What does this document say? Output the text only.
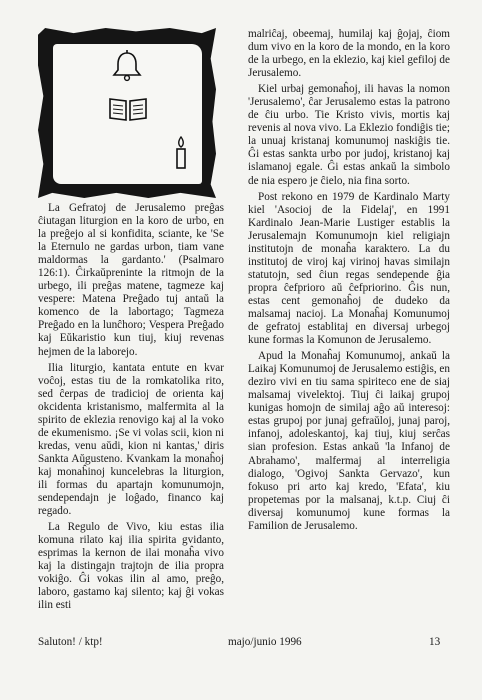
La Gefratoj de Jerusalemo preĝas ĉiutagan liturgion en la koro de urbo, en la preĝejo al si konfidita, sciante, ke 'Se la Eternulo ne gardas urbon, tiam vane maldormas la gardanto.' (Psalmaro 126:1). Ĉirkaŭpreninte la ritmojn de la urbego, ili preĝas matene, tagmeze kaj vespere: Matena Preĝado tuj antaŭ la komenco de la labortago; Tagmeza Preĝado en la lunĉhoro; Vespera Preĝado kaj Eŭkaristio kun tiuj, kiuj revenas hejmen de la laborejo.

Ilia liturgio, kantata entute en kvar voĉoj, estas tiu de la romkatolika rito, sed ĉerpas de tradicioj de orienta kaj okcidenta kristanismo, malfermita al la spirito de eklezia renovigo kaj al la voko de ekumenismo. ¡Se vi volas scii, kion ni kredas, venu aŭdi, kion ni kantas,' diris Sankta Aŭgusteno. Kvankam la monaĥoj kaj monaĥinoj kuncelebras la liturgion, ili formas du apartajn komunumojn, sendependajn je loĝado, financo kaj regado.

La Regulo de Vivo, kiu estas ilia komuna rilato kaj ilia spirita gvidanto, esprimas la kernon de ilai monaĥa vivo kaj la distingajn trajtojn de ilia propra vokiĝo. Ĝi vokas ilin al amo, preĝo, laboro, gastamo kaj silento; kaj ĝi vokas ilin esti

malriĉaj, obeemaj, humilaj kaj ĝojaj, ĉiom dum vivo en la koro de la mondo, en la koro de la urbego, en la eklezio, kaj kiel gefiloj de Jerusalemo.

Kiel urbaj gemonaĥoj, ili havas la nomon 'Jerusalemo', ĉar Jerusalemo estas la patrono de ĉiu urbo. Tie Kristo vivis, mortis kaj revenis al nova vivo. La Eklezio fondiĝis tie; la unuaj kristanaj komunumoj naskiĝis tie. Ĝi estas sankta urbo por judoj, kristanoj kaj islamanoj egale. Ĝi estas ankaŭ la simbolo de nia espero je ĉielo, nia fina sorto.

Post rekono en 1979 de Kardinalo Marty kiel 'Asocioj de la Fidelaj', en 1991 Kardinalo Jean-Marie Lustiger establis la Jerusalemajn Komunumojn kiel religiajn institutojn de monaĥa karaktero. La du institutoj de viroj kaj virinoj havas similajn statutojn, sed ĉiun regas sendepende ĝia propra ĉefprioro aŭ ĉefpriorino. Ĝis nun, estas cent gemonaĥoj de dudeko da malsamaj nacioj. La Monaĥaj Komunumoj de gefratoj establitaj en diversaj urbegoj kune formas la Komunon de Jerusalemo.

Apud la Monaĥaj Komunumoj, ankaŭ la Laikaj Komunumoj de Jerusalemo estiĝis, en deziro vivi en tiu sama spiriteco ene de siaj malsamaj vivelektoj. Tiuj ĉi laikaj grupoj kunigas homojn de similaj aĝo aŭ interesoj: estas grupoj por junaj gefraŭloj, junaj paroj, infanoj, adoleskantoj, kaj tiuj, kiuj serĉas sian profesion. Estas ankaŭ 'la Infanoj de Abrahamo', malfermaj al interreligia dialogo, 'Ogivoj Sankta Gervazo', kun fokuso pri arto kaj kredo, 'Efata', kiu propetemas por la malsanaj, k.t.p. Ciuj ĉi diversaj komunumoj kune formas la Familion de Jerusalemo.

Saluton! / ktp!	majo/junio 1996	13
